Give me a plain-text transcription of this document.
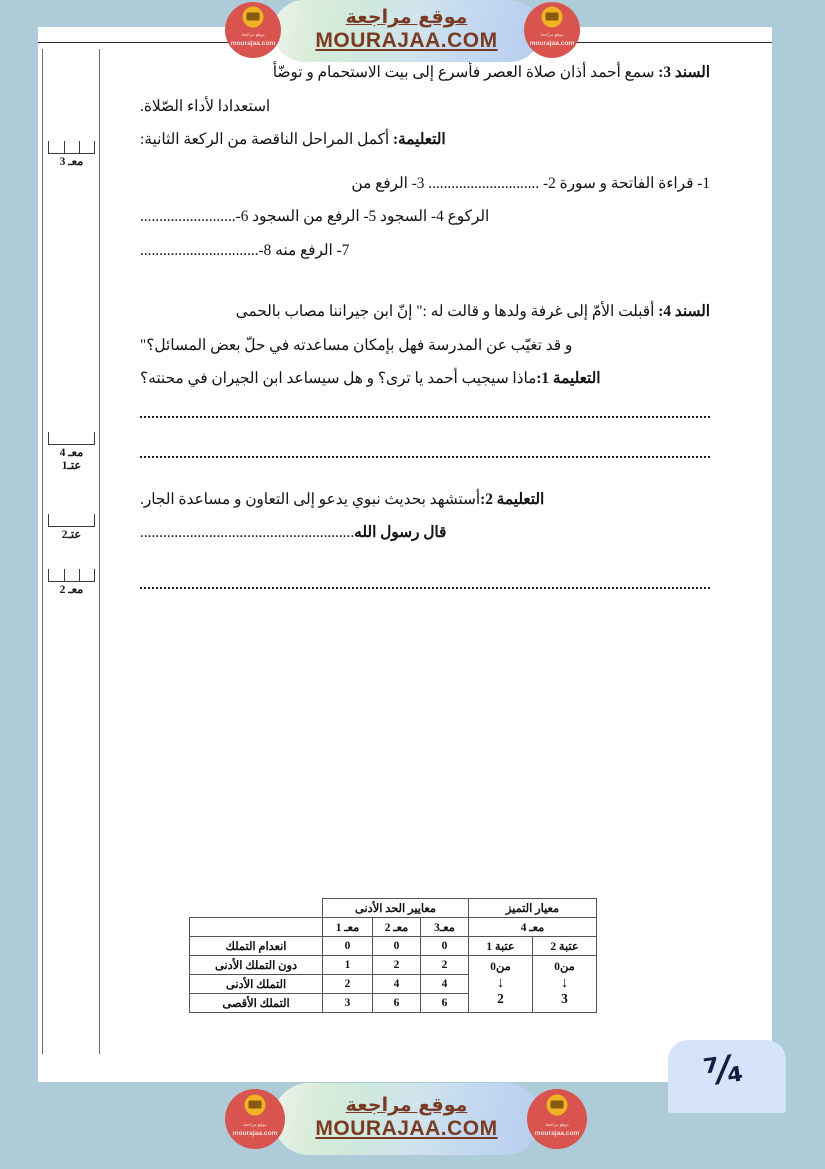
معـ 3
معـ 4
عتـ1
عتـ2
معـ 2
السند 3: سمع أحمد أذان صلاة العصر فأسرع إلى بيت الاستحمام و توضّأ
استعدادا لأداء الصّلاة.
التعليمة: أكمل المراحل الناقصة من الركعة الثانية:
1- قراءة الفاتحة و سورة 2- ............................. 3- الرفع من
الركوع 4- السجود 5- الرفع من السجود 6-.........................
7- الرفع منه 8-...............................
السند 4: أقبلت الأمّ إلى غرفة ولدها و قالت له :" إنّ ابن جيراننا مصاب بالحمى
و قد تغيّب عن المدرسة فهل بإمكان مساعدته في حلّ بعض المسائل؟"
التعليمة 1:ماذا سيجيب أحمد يا ترى؟ و هل سيساعد ابن الجيران في محنته؟
التعليمة 2:أستشهد بحديث نبوي يدعو إلى التعاون و مساعدة الجار.
قال رسول الله........................................................
معيار التميز		معايير الحد الأدنى			
معـ 4		معـ3	معـ 2	معـ 1	
عتبة 2	عتبة 1	0	0	0	انعدام التملك
من0
↓
3	من0
↓
2	2	2	1	دون التملك الأدنى
		4	4	2	التملك الأدنى
		6	6	3	التملك الأقصى
⁷⁄₄
موقع مراجعة
MOURAJAA.COM
موقع مراجعة
mourajaa.com
موقع مراجعة
mourajaa.com
موقع مراجعة
MOURAJAA.COM
موقع مراجعة
mourajaa.com
موقع مراجعة
mourajaa.com
